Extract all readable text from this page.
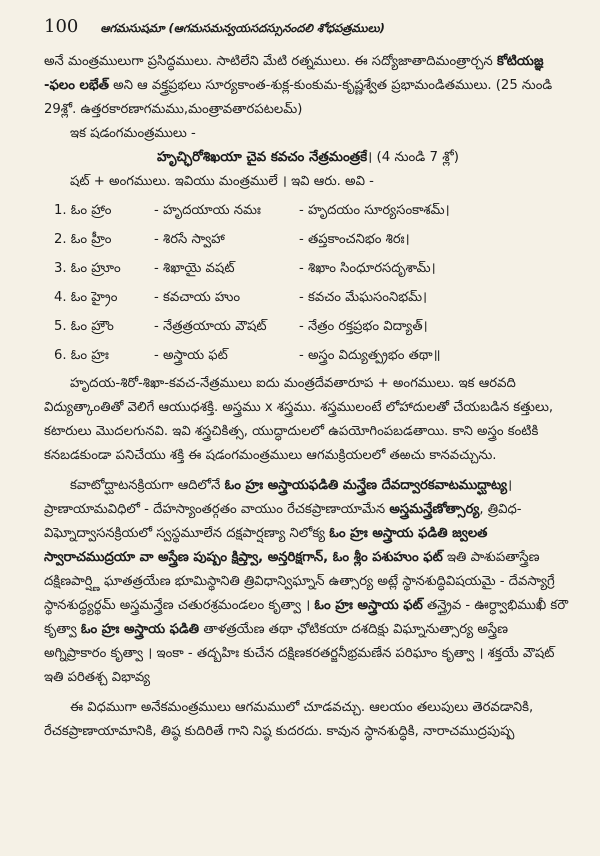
100 ఆగమసుషమా (ఆగమసమన్వయసదస్సునందలి శోధపత్రములు)

అనే మంత్రములుగా ప్రసిద్ధములు. సాటిలేని మేటి రత్నములు. ఈ సద్యోజాతాదిమంత్రార్చన కోటియజ్ఞ -ఫలం లభేత్ అని ఆ వక్త్రప్రభలు సూర్యకాంత-శుక్ల-కుంకుమ-కృష్ణశ్వేత ప్రభామండితములు. (25 నుండి 29శ్లో. ఉత్తరకారణాగమము,మంత్రావతారపటలమ్)

ఇక షడంగమంత్రములు -

హృచ్ఛిరోశిఖయా చైవ కవచం నేత్రమంత్రకే। (4 నుండి 7 శ్లో)

షట్ + అంగములు. ఇవియు మంత్రములే । ఇవి ఆరు. అవి -

1. ఓం హ్రాం	- హృదయాయ నమః	- హృదయం సూర్యసంకాశమ్।
2. ఓం హ్రీం	- శిరసే స్వాహా	- తప్తకాంచనిభం శిరః।
3. ఓం హ్రూం	- శిఖాయై వషట్	- శిఖాం సింధూరసదృశామ్।
4. ఓం హ్రైం	- కవచాయ హుం	- కవచం మేఘసంనిభమ్।
5. ఓం హ్రౌం	- నేత్రత్రయాయ వౌషట్	- నేత్రం రక్తప్రభం విద్యాత్।
6. ఓం హ్రః	- అస్త్రాయ ఫట్	- అస్త్రం విద్యుత్ప్రభం తథా॥

హృదయ-శిరో-శిఖా-కవచ-నేత్రములు ఐదు మంత్రదేవతారూప + అంగములు. ఇక ఆరవది విద్యుత్కాంతితో వెలిగే ఆయుధశక్తి. అస్త్రము x శస్త్రము. శస్త్రములంటే లోహాదులతో చేయబడిన కత్తులు, కటారులు మొదలగునవి. ఇవి శస్త్రచికిత్స, యుద్ధాదులలో ఉపయోగింపబడతాయి. కాని అస్త్రం కంటికి కనబడకుండా పనిచేయు శక్తి ఈ షడంగమంత్రములు ఆగమక్రియలలో తఱచు కానవచ్చును.

కవాటోద్ఘాటనక్రియగా ఆదిలోనే ఓం హ్రః అస్త్రాయఫడితి మన్త్రేణ దేవద్వారకవాటముద్ఘాట్య। ప్రాణాయామవిధిలో - దేహస్యాంతర్గతం వాయుం రేచకప్రాణాయామేన అస్త్రమన్త్రేణోత్సార్య, త్రివిధ-విఘ్నోద్వాసనక్రియలో స్వస్థమూలేన దక్షపార్షణ్యా నిలోక్య ఓం హ్రః అస్త్రాయ ఫడితి జ్వలత స్వారాచముద్రయా వా అస్త్రేణ పుష్పం క్షిప్త్వా, అన్తరిక్షగాన్, ఓం శ్లీం పశుహుం ఫట్ ఇతి పాశుపతాస్త్రేణ దక్షిణపార్ష్ణి ఘాతత్రయేణ భూమిస్థానితి త్రివిధాన్విఘ్నాన్ ఉత్సార్య అట్లే స్థానశుద్ధివిషయమై - దేవస్యాగ్రే స్థానశుద్ధ్యర్థమ్ అస్త్రమన్త్రేణ చతురశ్రమండలం కృత్వా । ఓం హ్రః అస్త్రాయ ఫట్ తన్త్రైవ - ఊర్ధ్వాభిముఖీ కరౌ కృత్వా ఓం హ్రః అస్త్రాయ ఫడితి తాళత్రయేణ తథా ఛోటికయా దశదిక్షు విఘ్నానుత్సార్య అస్త్రేణ అగ్నిప్రాకారం కృత్వా । ఇంకా - తద్బహిః కుచేన దక్షిణకరతర్జనీభ్రమణేన పరిఘాం కృత్వా । శక్తయే వౌషట్ ఇతి పరితశ్చ విభావ్య

ఈ విధముగా అనేకమంత్రములు ఆగమములో చూడవచ్చు. ఆలయం తలుపులు తెరవడానికి, రేచకప్రాణాయామానికి, తిష్ఠ కుదిరితే గాని నిష్ఠ కుదరదు. కావున స్థానశుద్ధికి, నారాచముద్రపుష్ప
